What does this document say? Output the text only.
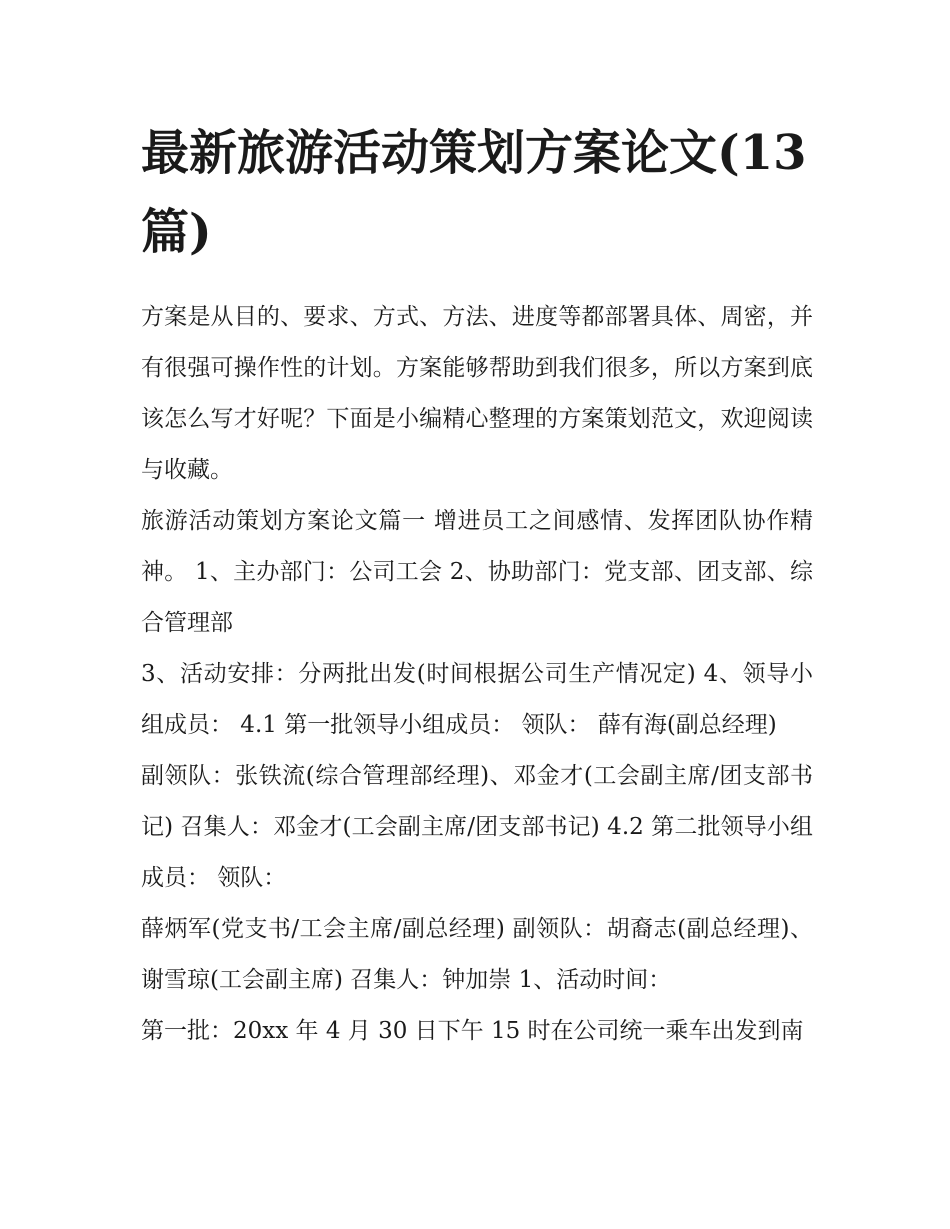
最新旅游活动策划方案论文(13篇)

方案是从目的、要求、方式、方法、进度等都部署具体、周密，并有很强可操作性的计划。方案能够帮助到我们很多，所以方案到底该怎么写才好呢？下面是小编精心整理的方案策划范文，欢迎阅读与收藏。

旅游活动策划方案论文篇一 增进员工之间感情、发挥团队协作精神。 1、主办部门：公司工会 2、协助部门：党支部、团支部、综合管理部

3、活动安排：分两批出发(时间根据公司生产情况定) 4、领导小组成员： 4.1 第一批领导小组成员： 领队： 薛有海(副总经理)

副领队：张铁流(综合管理部经理)、邓金才(工会副主席/团支部书记) 召集人：邓金才(工会副主席/团支部书记) 4.2 第二批领导小组成员： 领队：

薛炳军(党支书/工会主席/副总经理) 副领队：胡裔志(副总经理)、谢雪琼(工会副主席) 召集人：钟加崇 1、活动时间：

第一批：20xx 年 4 月 30 日下午 15 时在公司统一乘车出发到南
